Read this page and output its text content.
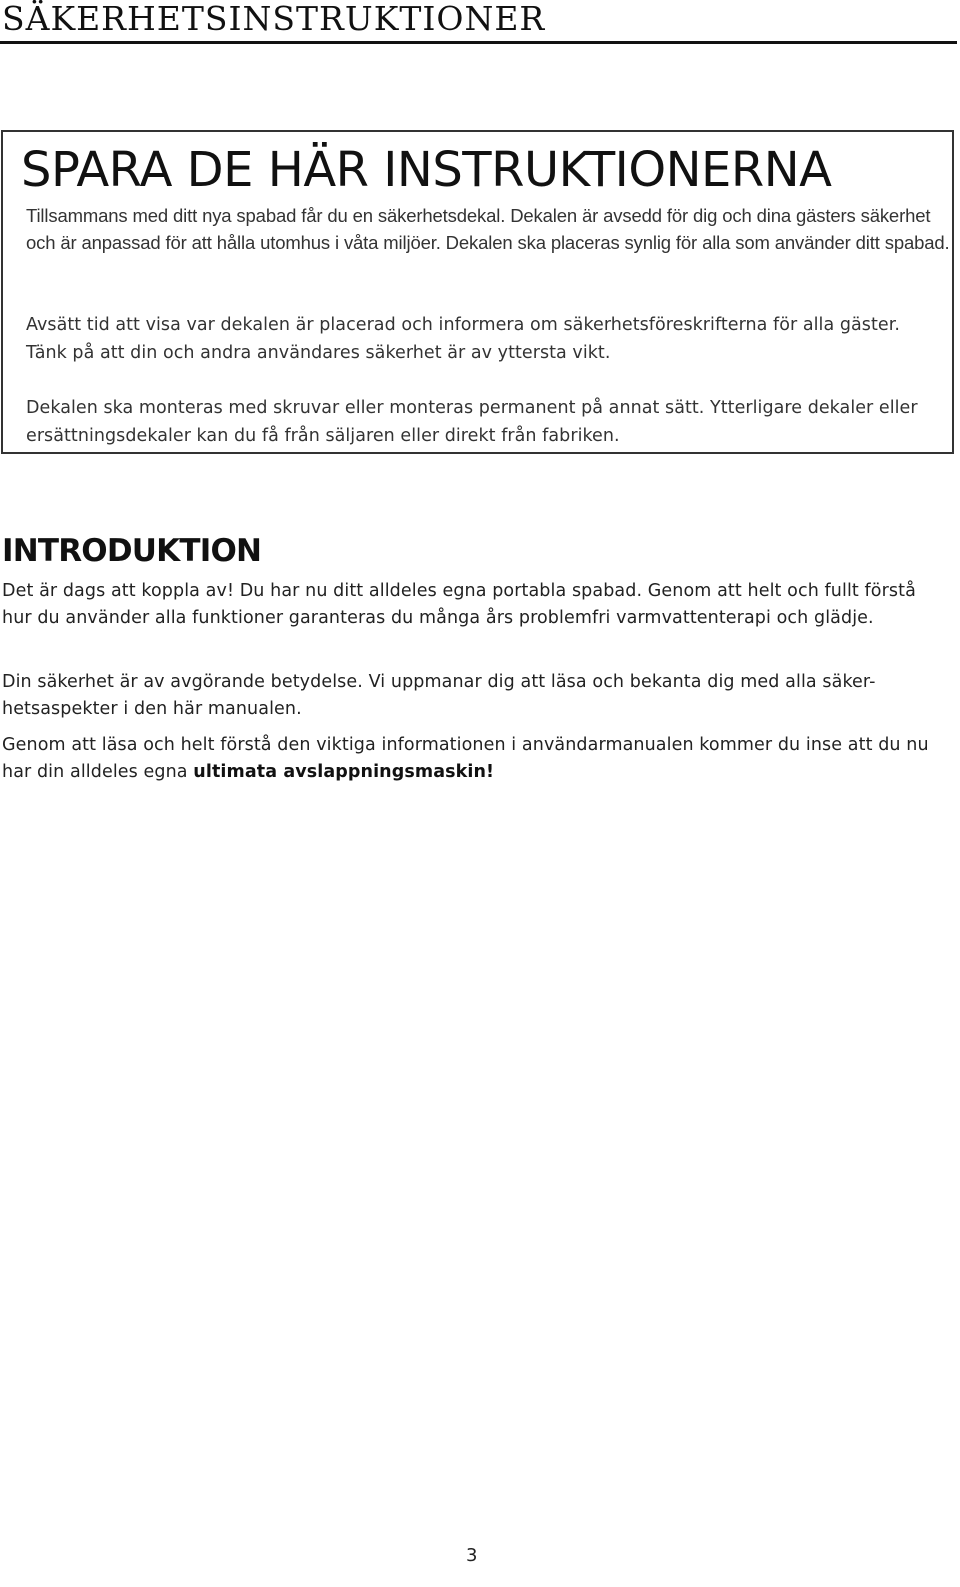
SÄKERHETSINSTRUKTIONER
SPARA DE HÄR INSTRUKTIONERNA

Tillsammans med ditt nya spabad får du en säkerhetsdekal. Dekalen är avsedd för dig och dina gästers säkerhet och är anpassad för att hålla utomhus i våta miljöer. Dekalen ska placeras synlig för alla som använder ditt spabad.

Avsätt tid att visa var dekalen är placerad och informera om säkerhetsföreskrifterna för alla gäster. Tänk på att din och andra användares säkerhet är av yttersta vikt.

Dekalen ska monteras med skruvar eller monteras permanent på annat sätt. Ytterligare dekaler eller ersättningsdekaler kan du få från säljaren eller direkt från fabriken.

INTRODUKTION

Det är dags att koppla av! Du har nu ditt alldeles egna portabla spabad. Genom att helt och fullt förstå hur du använder alla funktioner garanteras du många års problemfri varmvattenterapi och glädje.

Din säkerhet är av avgörande betydelse. Vi uppmanar dig att läsa och bekanta dig med alla säker-
hetsaspekter i den här manualen.

Genom att läsa och helt förstå den viktiga informationen i användarmanualen kommer du inse att du nu har din alldeles egna ultimata avslappningsmaskin!

3
